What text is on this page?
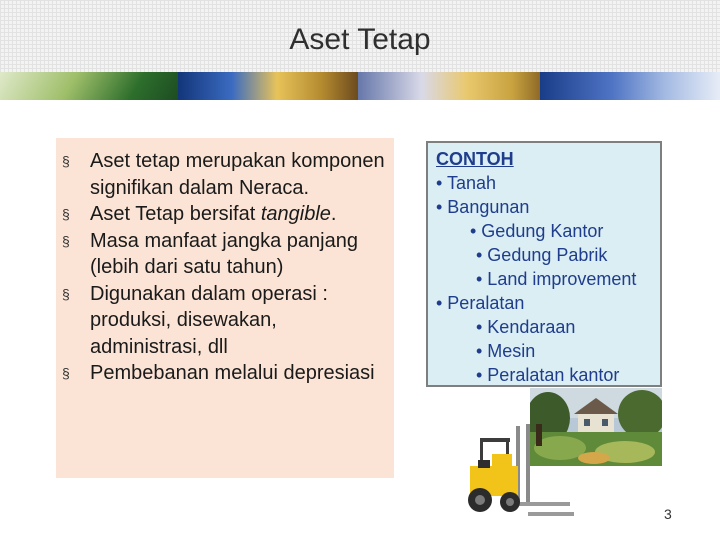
Aset Tetap
§ Aset tetap merupakan komponen signifikan dalam Neraca.
§ Aset Tetap bersifat tangible.
§ Masa manfaat jangka panjang (lebih dari satu tahun)
§ Digunakan dalam operasi : produksi, disewakan, administrasi, dll
§ Pembebanan melalui depresiasi
CONTOH
• Tanah
• Bangunan
• Gedung Kantor
• Gedung Pabrik
• Land improvement
• Peralatan
• Kendaraan
• Mesin
• Peralatan kantor
3
